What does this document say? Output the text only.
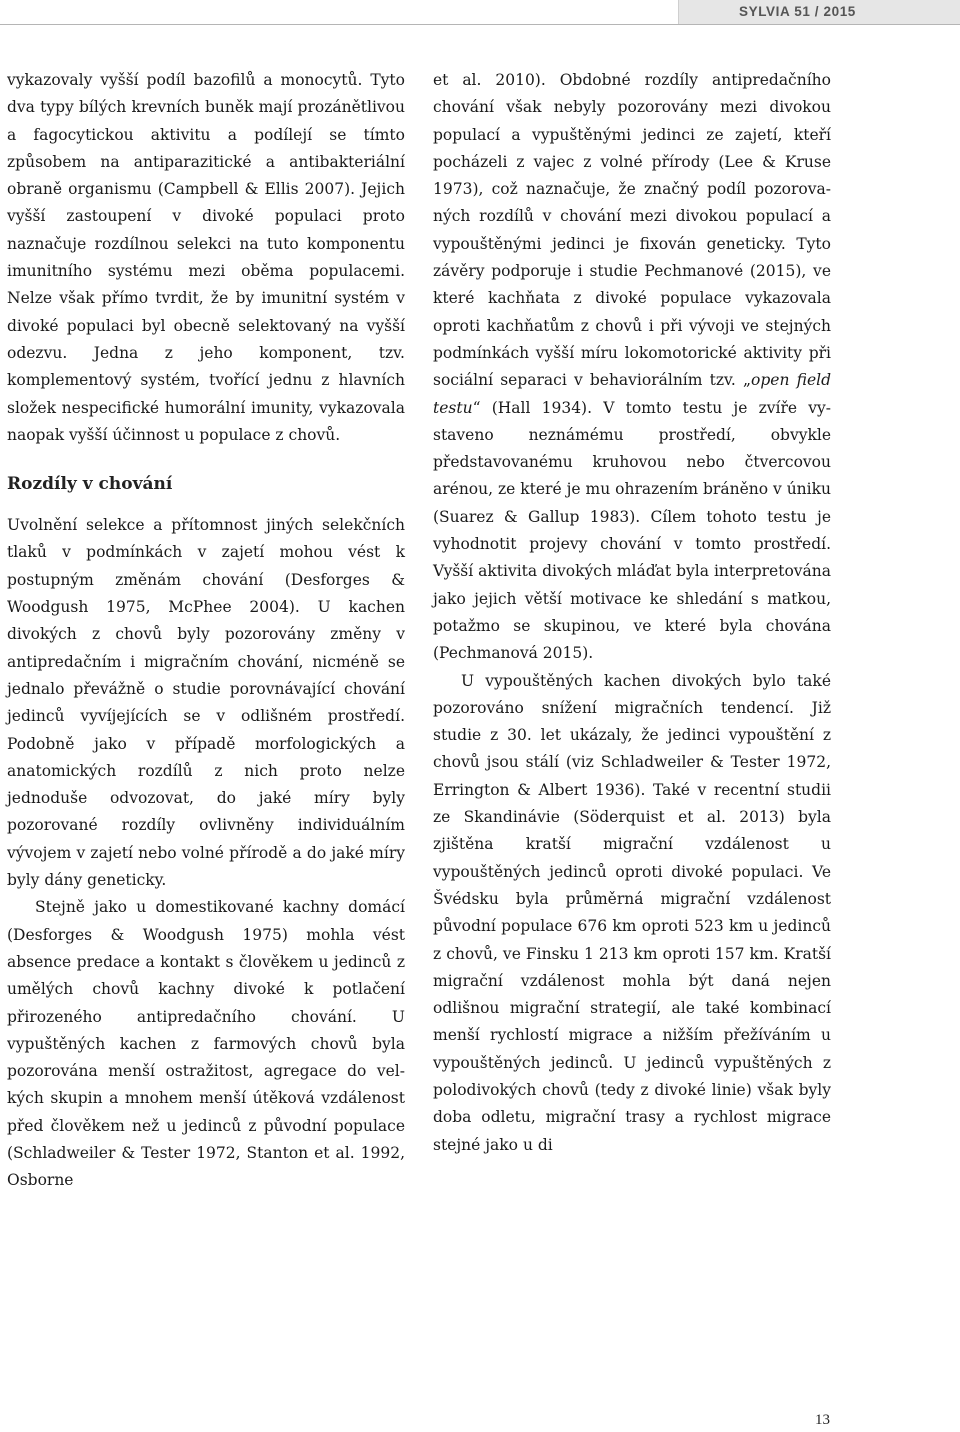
SYLVIA 51 / 2015

vykazovaly vyšší podíl bazofilů a monocytů. Tyto dva typy bílých krevních buněk mají prozánětlivou a fagocytickou aktivitu a podílejí se tímto způsobem na antiparazitické a antibakteriální obraně organismu (Campbell & Ellis 2007). Jejich vyšší zastoupení v divoké populaci proto naznačuje rozdílnou selekci na tuto komponentu imunitního systému mezi oběma populacemi. Nelze však přímo tvrdit, že by imunitní systém v divoké populaci byl obecně selektovaný na vyšší odezvu. Jedna z jeho komponent, tzv. komplementový systém, tvořící jednu z hlavních složek nespecifické humorální imunity, vykazovala naopak vyšší účinnost u populace z chovů.

Rozdíly v chování

Uvolnění selekce a přítomnost jiných selekčních tlaků v podmínkách v zajetí mohou vést k postupným změnám chování (Desforges & Woodgush 1975, McPhee 2004). U kachen divokých z chovů byly pozorovány změny v antipredačním i migračním chování, nicméně se jednalo převážně o studie porovnávající chování jedinců vyvíjejících se v odlišném prostředí. Podobně jako v případě morfologických a anatomických rozdílů z nich proto nelze jednoduše odvozovat, do jaké míry byly pozorované rozdíly ovlivněny individuálním vývojem v zajetí nebo volné přírodě a do jaké míry byly dány geneticky.

Stejně jako u domestikované kachny domácí (Desforges & Woodgush 1975) mohla vést absence predace a kontakt s člověkem u jedinců z umělých chovů kachny divoké k potlačení přirozeného antipredačního chování. U vypuštěných kachen z farmových chovů byla pozorována menší ostražitost, agregace do velkých skupin a mnohem menší útěková vzdálenost před člověkem než u jedinců z původní populace (Schladweiler & Tester 1972, Stanton et al. 1992, Osborne

et al. 2010). Obdobné rozdíly antipredačního chování však nebyly pozorovány mezi divokou populací a vypuštěnými jedinci ze zajetí, kteří pocházeli z vajec z volné přírody (Lee & Kruse 1973), což naznačuje, že značný podíl pozorovaných rozdílů v chování mezi divokou populací a vypouštěnými jedinci je fixován geneticky. Tyto závěry podporuje i studie Pechmanové (2015), ve které kachňata z divoké populace vykazovala oproti kachňatům z chovů i při vývoji ve stejných podmínkách vyšší míru lokomotorické aktivity při sociální separaci v behaviorálním tzv. „open field testu“ (Hall 1934). V tomto testu je zvíře vystaveno neznámému prostředí, obvykle představovanému kruhovou nebo čtvercovou arénou, ze které je mu ohrazením bráněno v úniku (Suarez & Gallup 1983). Cílem tohoto testu je vyhodnotit projevy chování v tomto prostředí. Vyšší aktivita divokých mláďat byla interpretována jako jejich větší motivace ke shledání s matkou, potažmo se skupinou, ve které byla chována (Pechmanová 2015).

U vypouštěných kachen divokých bylo také pozorováno snížení migračních tendencí. Již studie z 30. let ukázaly, že jedinci vypouštění z chovů jsou stálí (viz Schladweiler & Tester 1972, Errington & Albert 1936). Také v recentní studii ze Skandinávie (Söderquist et al. 2013) byla zjištěna kratší migrační vzdálenost u vypouštěných jedinců oproti divoké populaci. Ve Švédsku byla průměrná migrační vzdálenost původní populace 676 km oproti 523 km u jedinců z chovů, ve Finsku 1 213 km oproti 157 km. Kratší migrační vzdálenost mohla být daná nejen odlišnou migrační strategií, ale také kombinací menší rychlostí migrace a nižším přežíváním u vypouštěných jedinců. U jedinců vypuštěných z polodivokých chovů (tedy z divoké linie) však byly doba odletu, migrační trasy a rychlost migrace stejné jako u di

13
